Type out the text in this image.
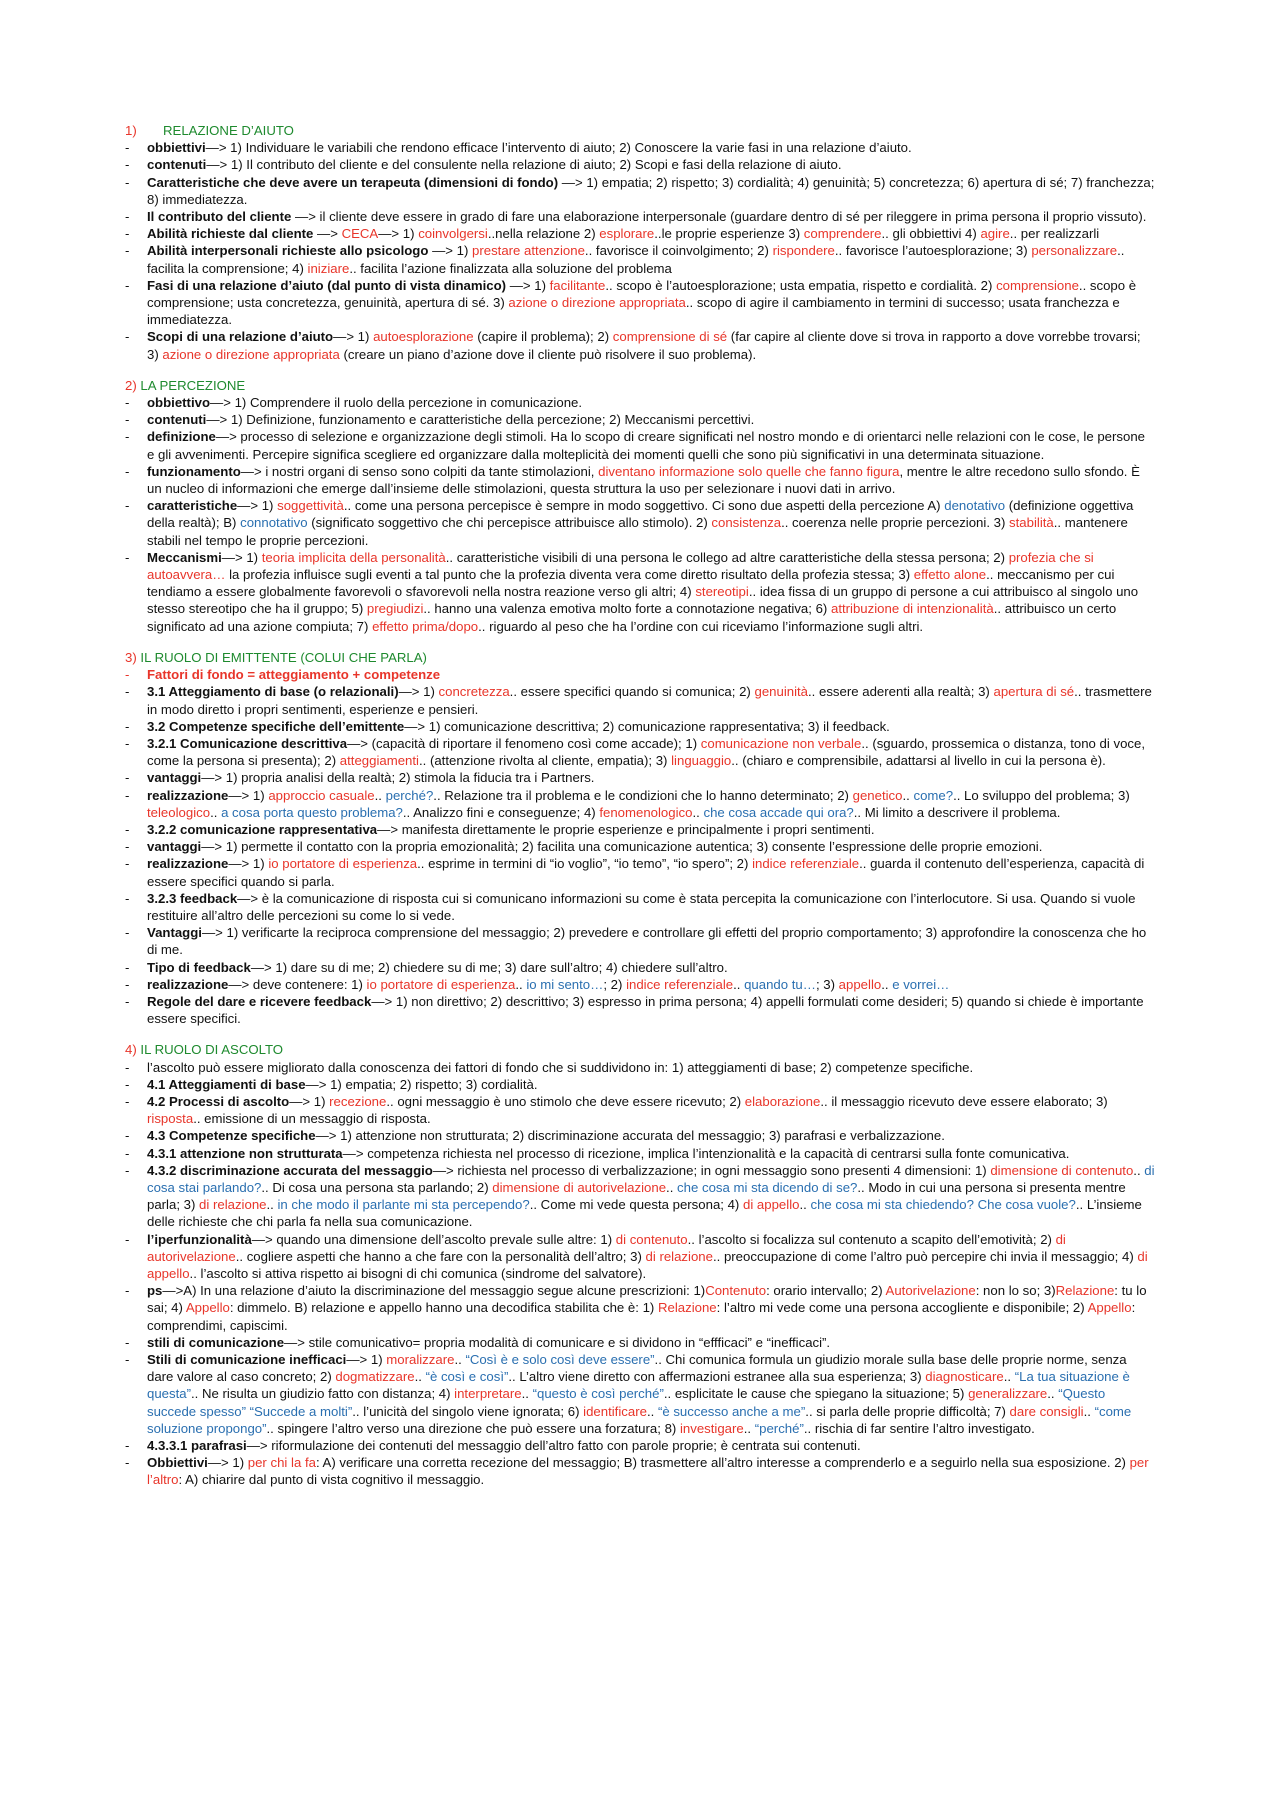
1) RELAZIONE D’AIUTO
- obbiettivi—> 1) Individuare le variabili che rendono efficace l’intervento di aiuto; 2) Conoscere la varie fasi in una relazione d’aiuto.
- contenuti—> 1) Il contributo del cliente e del consulente nella relazione di aiuto; 2) Scopi e fasi della relazione di aiuto.
- Caratteristiche che deve avere un terapeuta (dimensioni di fondo) —> 1) empatia; 2) rispetto; 3) cordialità; 4) genuinità; 5) concretezza; 6) apertura di sé; 7) franchezza; 8) immediatezza.
- Il contributo del cliente —> il cliente deve essere in grado di fare una elaborazione interpersonale (guardare dentro di sé per rileggere in prima persona il proprio vissuto).
- Abilità richieste dal cliente —> CECA—> 1) coinvolgersi..nella relazione 2) esplorare..le proprie esperienze 3) comprendere.. gli obbiettivi 4) agire.. per realizzarli
- Abilità interpersonali richieste allo psicologo —> 1) prestare attenzione.. favorisce il coinvolgimento; 2) rispondere.. favorisce l’autoesplorazione; 3) personalizzare.. facilita la comprensione; 4) iniziare.. facilita l’azione finalizzata alla soluzione del problema
- Fasi di una relazione d’aiuto (dal punto di vista dinamico) —> 1) facilitante.. scopo è l’autoesplorazione; usta empatia, rispetto e cordialità. 2) comprensione.. scopo è comprensione; usta concretezza, genuinità, apertura di sé. 3) azione o direzione appropriata.. scopo di agire il cambiamento in termini di successo; usata franchezza e immediatezza.
- Scopi di una relazione d’aiuto—> 1) autoesplorazione (capire il problema); 2) comprensione di sé (far capire al cliente dove si trova in rapporto a dove vorrebbe trovarsi; 3) azione o direzione appropriata (creare un piano d’azione dove il cliente può risolvere il suo problema).
2) LA PERCEZIONE
- obbiettivo—> 1) Comprendere il ruolo della percezione in comunicazione.
- contenuti—> 1) Definizione, funzionamento e caratteristiche della percezione; 2) Meccanismi percettivi.
- definizione—> processo di selezione e organizzazione degli stimoli. Ha lo scopo di creare significati nel nostro mondo e di orientarci nelle relazioni con le cose, le persone e gli avvenimenti. Percepire significa scegliere ed organizzare dalla molteplicità dei momenti quelli che sono più significativi in una determinata situazione.
- funzionamento—> i nostri organi di senso sono colpiti da tante stimolazioni, diventano informazione solo quelle che fanno figura, mentre le altre recedono sullo sfondo. È un nucleo di informazioni che emerge dall’insieme delle stimolazioni, questa struttura la uso per selezionare i nuovi dati in arrivo.
- caratteristiche—> 1) soggettività.. come una persona percepisce è sempre in modo soggettivo. Ci sono due aspetti della percezione A) denotativo (definizione oggettiva della realtà); B) connotativo (significato soggettivo che chi percepisce attribuisce allo stimolo). 2) consistenza.. coerenza nelle proprie percezioni. 3) stabilità.. mantenere stabili nel tempo le proprie percezioni.
- Meccanismi—> 1) teoria implicita della personalità.. caratteristiche visibili di una persona le collego ad altre caratteristiche della stessa persona; 2) profezia che si autoavvera… la profezia influisce sugli eventi a tal punto che la profezia diventa vera come diretto risultato della profezia stessa; 3) effetto alone.. meccanismo per cui tendiamo a essere globalmente favorevoli o sfavorevoli nella nostra reazione verso gli altri; 4) stereotipi.. idea fissa di un gruppo di persone a cui attribuisco al singolo uno stesso stereotipo che ha il gruppo; 5) pregiudizi.. hanno una valenza emotiva molto forte a connotazione negativa; 6) attribuzione di intenzionalità.. attribuisco un certo significato ad una azione compiuta; 7) effetto prima/dopo.. riguardo al peso che ha l’ordine con cui riceviamo l’informazione sugli altri.
3) IL RUOLO DI EMITTENTE (COLUI CHE PARLA)
- Fattori di fondo = atteggiamento + competenze
- 3.1 Atteggiamento di base (o relazionali)—> 1) concretezza.. essere specifici quando si comunica; 2) genuinità.. essere aderenti alla realtà; 3) apertura di sé.. trasmettere in modo diretto i propri sentimenti, esperienze e pensieri.
- 3.2 Competenze specifiche dell’emittente—> 1) comunicazione descrittiva; 2) comunicazione rappresentativa; 3) il feedback.
- 3.2.1 Comunicazione descrittiva—> (capacità di riportare il fenomeno così come accade); 1) comunicazione non verbale.. (sguardo, prossemica o distanza, tono di voce, come la persona si presenta); 2) atteggiamenti.. (attenzione rivolta al cliente, empatia); 3) linguaggio.. (chiaro e comprensibile, adattarsi al livello in cui la persona è).
- vantaggi—> 1) propria analisi della realtà; 2) stimola la fiducia tra i Partners.
- realizzazione—> 1) approccio casuale.. perché?.. Relazione tra il problema e le condizioni che lo hanno determinato; 2) genetico.. come?.. Lo sviluppo del problema; 3) teleologico.. a cosa porta questo problema?.. Analizzo fini e conseguenze; 4) fenomenologico.. che cosa accade qui ora?.. Mi limito a descrivere il problema.
- 3.2.2 comunicazione rappresentativa—> manifesta direttamente le proprie esperienze e principalmente i propri sentimenti.
- vantaggi—> 1) permette il contatto con la propria emozionalità; 2) facilita una comunicazione autentica; 3) consente l’espressione delle proprie emozioni.
- realizzazione—> 1) io portatore di esperienza.. esprime in termini di “io voglio”, “io temo”, “io spero”; 2) indice referenziale.. guarda il contenuto dell’esperienza, capacità di essere specifici quando si parla.
- 3.2.3 feedback—> è la comunicazione di risposta cui si comunicano informazioni su come è stata percepita la comunicazione con l’interlocutore. Si usa. Quando si vuole restituire all’altro delle percezioni su come lo si vede.
- Vantaggi—> 1) verificarte la reciproca comprensione del messaggio; 2) prevedere e controllare gli effetti del proprio comportamento; 3) approfondire la conoscenza che ho di me.
- Tipo di feedback—> 1) dare su di me; 2) chiedere su di me; 3) dare sull’altro; 4) chiedere sull’altro.
- realizzazione—> deve contenere: 1) io portatore di esperienza.. io mi sento…; 2) indice referenziale.. quando tu…; 3) appello.. e vorrei…
- Regole del dare e ricevere feedback—> 1) non direttivo; 2) descrittivo; 3) espresso in prima persona; 4) appelli formulati come desideri; 5) quando si chiede è importante essere specifici.
4) IL RUOLO DI ASCOLTO
- l’ascolto può essere migliorato dalla conoscenza dei fattori di fondo che si suddividono in: 1) atteggiamenti di base; 2) competenze specifiche.
- 4.1 Atteggiamenti di base—> 1) empatia; 2) rispetto; 3) cordialità.
- 4.2 Processi di ascolto—> 1) recezione.. ogni messaggio è uno stimolo che deve essere ricevuto; 2) elaborazione.. il messaggio ricevuto deve essere elaborato; 3) risposta.. emissione di un messaggio di risposta.
- 4.3 Competenze specifiche—> 1) attenzione non strutturata; 2) discriminazione accurata del messaggio; 3) parafrasi e verbalizzazione.
- 4.3.1 attenzione non strutturata—> competenza richiesta nel processo di ricezione, implica l’intenzionalità e la capacità di centrarsi sulla fonte comunicativa.
- 4.3.2 discriminazione accurata del messaggio—> richiesta nel processo di verbalizzazione; in ogni messaggio sono presenti 4 dimensioni: 1) dimensione di contenuto.. di cosa stai parlando?.. Di cosa una persona sta parlando; 2) dimensione di autorivelazione.. che cosa mi sta dicendo di se?.. Modo in cui una persona si presenta mentre parla; 3) di relazione.. in che modo il parlante mi sta percependo?.. Come mi vede questa persona; 4) di appello.. che cosa mi sta chiedendo? Che cosa vuole?.. L’insieme delle richieste che chi parla fa nella sua comunicazione.
- l’iperfunzionalità—> quando una dimensione dell’ascolto prevale sulle altre: 1) di contenuto.. l’ascolto si focalizza sul contenuto a scapito dell’emotività; 2) di autorivelazione.. cogliere aspetti che hanno a che fare con la personalità dell’altro; 3) di relazione.. preoccupazione di come l’altro può percepire chi invia il messaggio; 4) di appello.. l’ascolto si attiva rispetto ai bisogni di chi comunica (sindrome del salvatore).
- ps—>A) In una relazione d’aiuto la discriminazione del messaggio segue alcune prescrizioni: 1)Contenuto: orario intervallo; 2) Autorivelazione: non lo so; 3)Relazione: tu lo sai; 4) Appello: dimmelo. B) relazione e appello hanno una decodifica stabilita che è: 1) Relazione: l’altro mi vede come una persona accogliente e disponibile; 2) Appello: comprendimi, capiscimi.
- stili di comunicazione—> stile comunicativo= propria modalità di comunicare e si dividono in “effficaci” e “inefficaci”.
- Stili di comunicazione inefficaci—> 1) moralizzare.. “Così è e solo così deve essere”.. Chi comunica formula un giudizio morale sulla base delle proprie norme, senza dare valore al caso concreto; 2) dogmatizzare.. “è così e così”.. L’altro viene diretto con affermazioni estranee alla sua esperienza; 3) diagnosticare.. “La tua situazione è questa”.. Ne risulta un giudizio fatto con distanza; 4) interpretare.. “questo è così perché”.. esplicitate le cause che spiegano la situazione; 5) generalizzare.. “Questo succede spesso” “Succede a molti”.. l’unicità del singolo viene ignorata; 6) identificare.. “è successo anche a me”.. si parla delle proprie difficoltà; 7) dare consigli.. “come soluzione propongo”.. spingere l’altro verso una direzione che può essere una forzatura; 8) investigare.. “perché”.. rischia di far sentire l’altro investigato.
- 4.3.3.1 parafrasi—> riformulazione dei contenuti del messaggio dell’altro fatto con parole proprie; è centrata sui contenuti.
- Obbiettivi—> 1) per chi la fa: A) verificare una corretta recezione del messaggio; B) trasmettere all’altro interesse a comprenderlo e a seguirlo nella sua esposizione. 2) per l’altro: A) chiarire dal punto di vista cognitivo il messaggio.
